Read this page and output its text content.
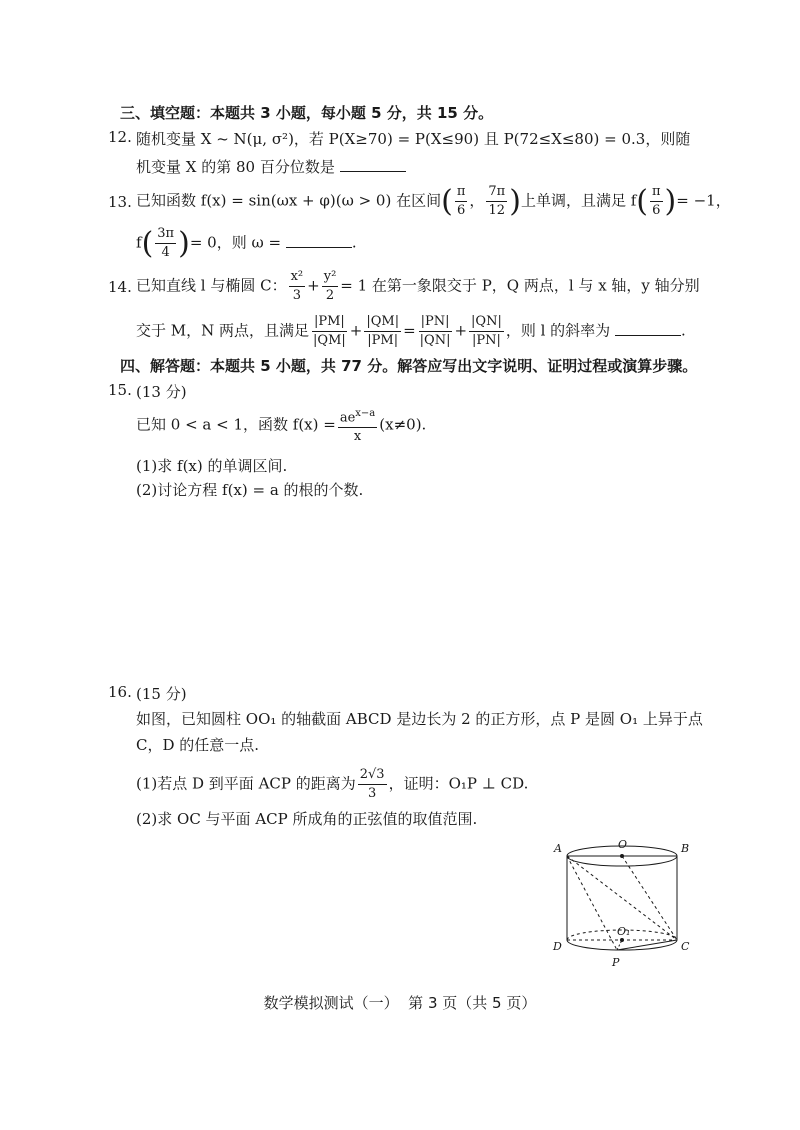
三、填空题：本题共 3 小题，每小题 5 分，共 15 分。
12. 随机变量 X ~ N(μ, σ²)，若 P(X≥70) = P(X≤90) 且 P(72≤X≤80) = 0.3，则随
机变量 X 的第 80 百分位数是
13. 已知函数 f(x) = sin(ωx + φ)(ω > 0) 在区间( $\frac{\pi}{6}$ ， $\frac{7\pi}{12}$ )上单调，且满足 $f( \frac{\pi}{6}$ )= −1，
$f( \frac{3\pi}{4}$ )= 0，则 ω =	.
14. 已知直线 l 与椭圆 C： $\frac{\text{x²}}{3} + \frac{\text{y²}}{2} = 1$ 在第一象限交于 P，Q 两点，l 与 x 轴，y 轴分别
交于 M，N 两点，且满足 $\frac{|PM|}{|QM|} + \frac{|QM|}{|PM|} = \frac{|PN|}{|QN|} + \frac{|QN|}{|PN|}$ ，则 l 的斜率为	.
四、解答题：本题共 5 小题，共 77 分。解答应写出文字说明、证明过程或演算步骤。
15. (13 分)
已知 0 < a < 1，函数 $f(x) = \frac{ae^{x-a}}{x} (x\ne 0)$.
(1)求 f(x) 的单调区间.
(2)讨论方程 f(x) = a 的根的个数.
16. (15 分)
如图，已知圆柱 OO₁ 的轴截面 ABCD 是边长为 2 的正方形，点 P 是圆 O₁ 上异于点
C，D 的任意一点.
(1)若点 D 到平面 ACP 的距离为 $\frac{2√3}{3}$ ，证明：O₁P ⊥ CD.
(2)求 OC 与平面 ACP 所成角的正弦值的取值范围.
A	B
C
D
O
O₁
P
数学模拟测试（一）  第 3 页（共 5 页）
